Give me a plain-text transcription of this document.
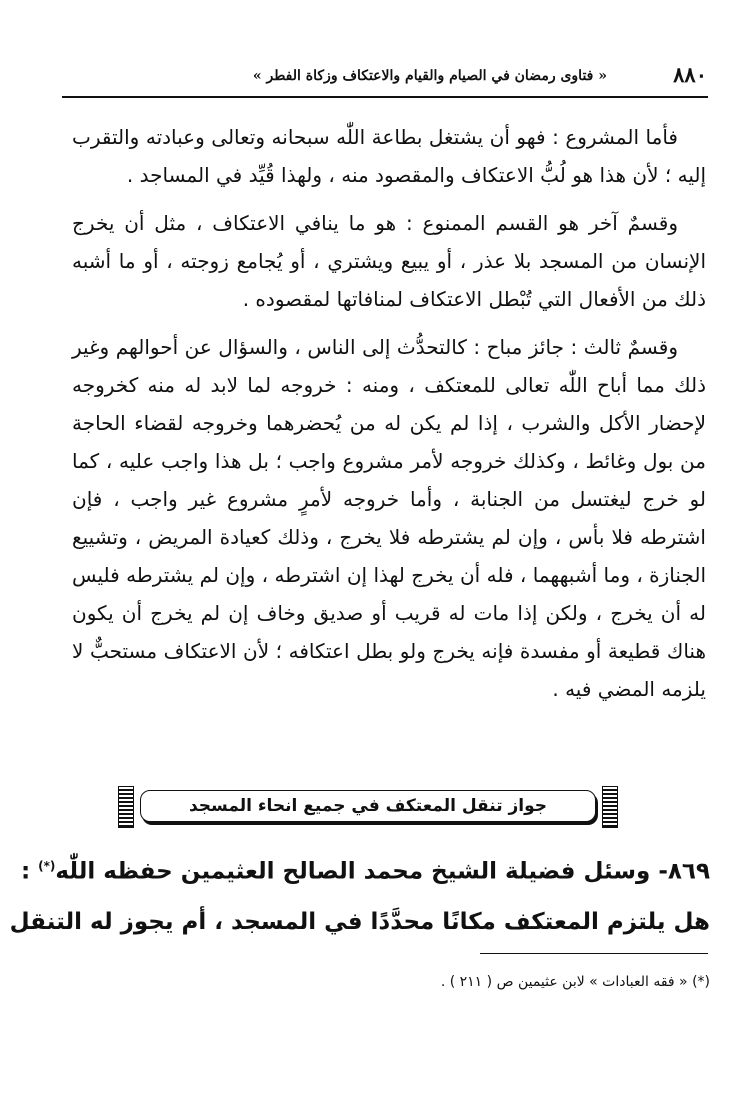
٨٨٠
« فتاوى رمضان في الصيام والقيام والاعتكاف وزكاة الفطر »

فأما المشروع : فهو أن يشتغل بطاعة اللّٰه سبحانه وتعالى وعبادته والتقرب إليه ؛ لأن هذا هو لُبُّ الاعتكاف والمقصود منه ، ولهذا قُيِّد في المساجد .

وقسمٌ آخر هو القسم الممنوع : هو ما ينافي الاعتكاف ، مثل أن يخرج الإنسان من المسجد بلا عذر ، أو يبيع ويشتري ، أو يُجامع زوجته ، أو ما أشبه ذلك من الأفعال التي تُبْطل الاعتكاف لمنافاتها لمقصوده .

وقسمٌ ثالث : جائز مباح : كالتحدُّث إلى الناس ، والسؤال عن أحوالهم وغير ذلك مما أباح اللّٰه تعالى للمعتكف ، ومنه : خروجه لما لابد له منه كخروجه لإحضار الأكل والشرب ، إذا لم يكن له من يُحضرهما وخروجه لقضاء الحاجة من بول وغائط ، وكذلك خروجه لأمر مشروع واجب ؛ بل هذا واجب عليه ، كما لو خرج ليغتسل من الجنابة ، وأما خروجه لأمرٍ مشروع غير واجب ، فإن اشترطه فلا بأس ، وإن لم يشترطه فلا يخرج ، وذلك كعيادة المريض ، وتشييع الجنازة ، وما أشبههما ، فله أن يخرج لهذا إن اشترطه ، وإن لم يشترطه فليس له أن يخرج ، ولكن إذا مات له قريب أو صديق وخاف إن لم يخرج أن يكون هناك قطيعة أو مفسدة فإنه يخرج ولو بطل اعتكافه ؛ لأن الاعتكاف مستحبٌّ لا يلزمه المضي فيه .

جواز تنقل المعتكف في جميع انحاء المسجد
٨٦٩- وسئل فضيلة الشيخ محمد الصالح العثيمين حفظه اللّٰه(*) :
هل يلتزم المعتكف مكانًا محدَّدًا في المسجد ، أم يجوز له التنقل
(*) « فقه العبادات » لابن عثيمين ص ( ٢١١ ) .
